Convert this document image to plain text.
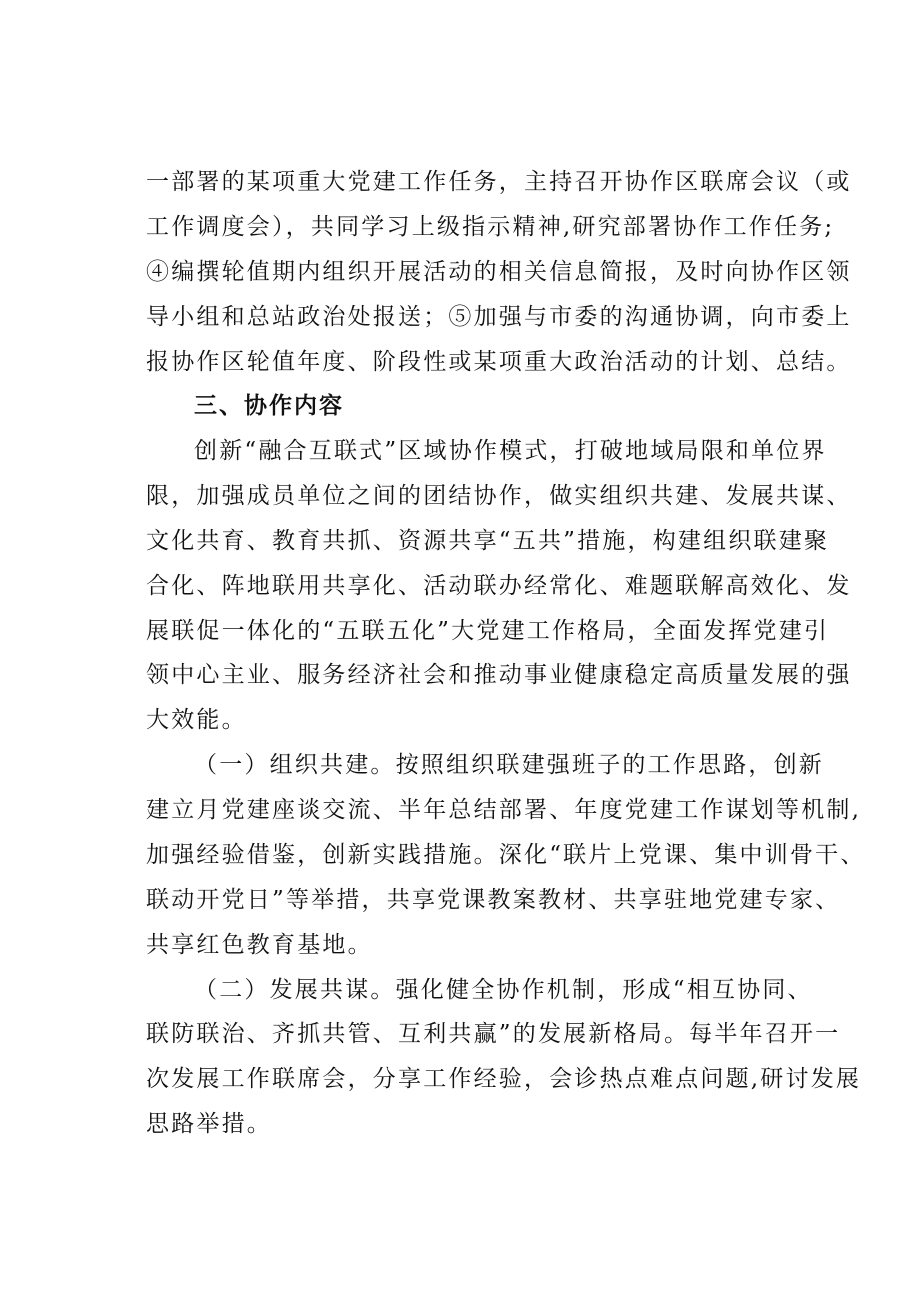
一部署的某项重大党建工作任务，主持召开协作区联席会议（或
工作调度会），共同学习上级指示精神,研究部署协作工作任务;
④编撰轮值期内组织开展活动的相关信息简报，及时向协作区领
导小组和总站政治处报送；⑤加强与市委的沟通协调，向市委上
报协作区轮值年度、阶段性或某项重大政治活动的计划、总结。
三、协作内容
创新“融合互联式”区域协作模式，打破地域局限和单位界
限，加强成员单位之间的团结协作，做实组织共建、发展共谋、
文化共育、教育共抓、资源共享“五共”措施，构建组织联建聚
合化、阵地联用共享化、活动联办经常化、难题联解高效化、发
展联促一体化的“五联五化”大党建工作格局，全面发挥党建引
领中心主业、服务经济社会和推动事业健康稳定高质量发展的强
大效能。
（一）组织共建。按照组织联建强班子的工作思路，创新
建立月党建座谈交流、半年总结部署、年度党建工作谋划等机制,
加强经验借鉴，创新实践措施。深化“联片上党课、集中训骨干、
联动开党日”等举措，共享党课教案教材、共享驻地党建专家、
共享红色教育基地。
（二）发展共谋。强化健全协作机制，形成“相互协同、
联防联治、齐抓共管、互利共赢”的发展新格局。每半年召开一
次发展工作联席会，分享工作经验，会诊热点难点问题,研讨发展
思路举措。
